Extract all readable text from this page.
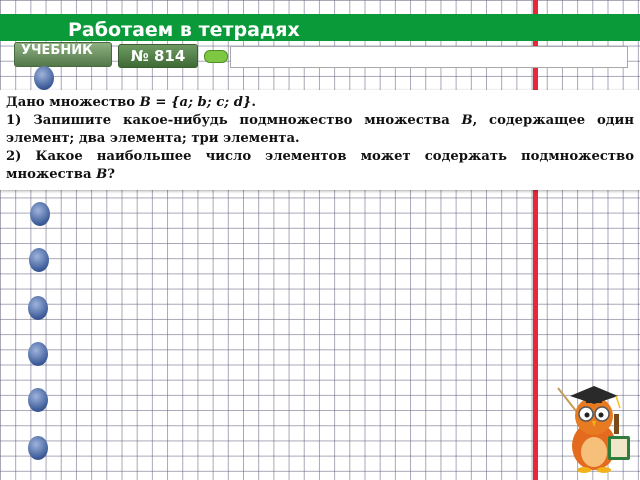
Работаем в тетрадях
УЧЕБНИК	№ 814

Дано множество B = {a; b; c; d}.

1) Запишите какое-нибудь подмножество множества B, содержащее один элемент; два элемента; три элемента.

2) Какое наибольшее число элементов может содержать подмножество множества B?
